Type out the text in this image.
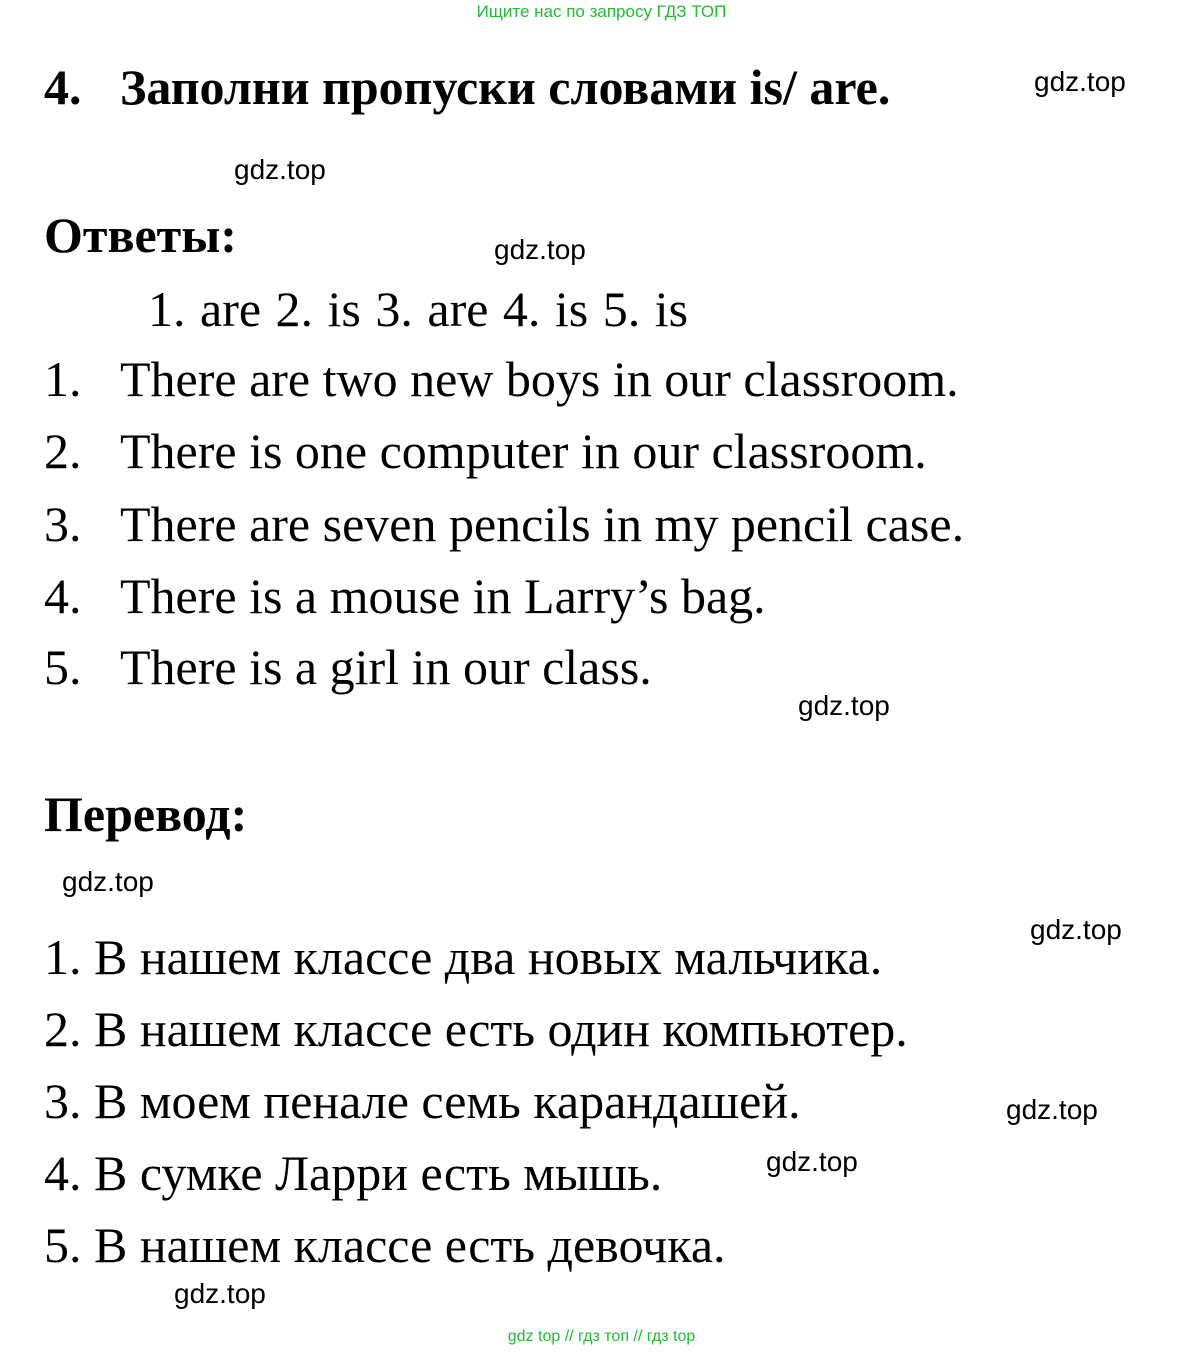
Ищите нас по запросу ГДЗ ТОП
4. Заполни пропуски словами is/ are.
Ответы:
1. are 2. is 3. are 4. is 5. is
1. There are two new boys in our classroom.
2. There is one computer in our classroom.
3. There are seven pencils in my pencil case.
4. There is a mouse in Larry’s bag.
5. There is a girl in our class.
Перевод:
1. В нашем классе два новых мальчика.
2. В нашем классе есть один компьютер.
3. В моем пенале семь карандашей.
4. В сумке Ларри есть мышь.
5. В нашем классе есть девочка.
gdz.top
gdz.top
gdz.top
gdz.top
gdz.top
gdz.top
gdz.top
gdz.top
gdz.top
gdz top // гдз топ // гдз top
